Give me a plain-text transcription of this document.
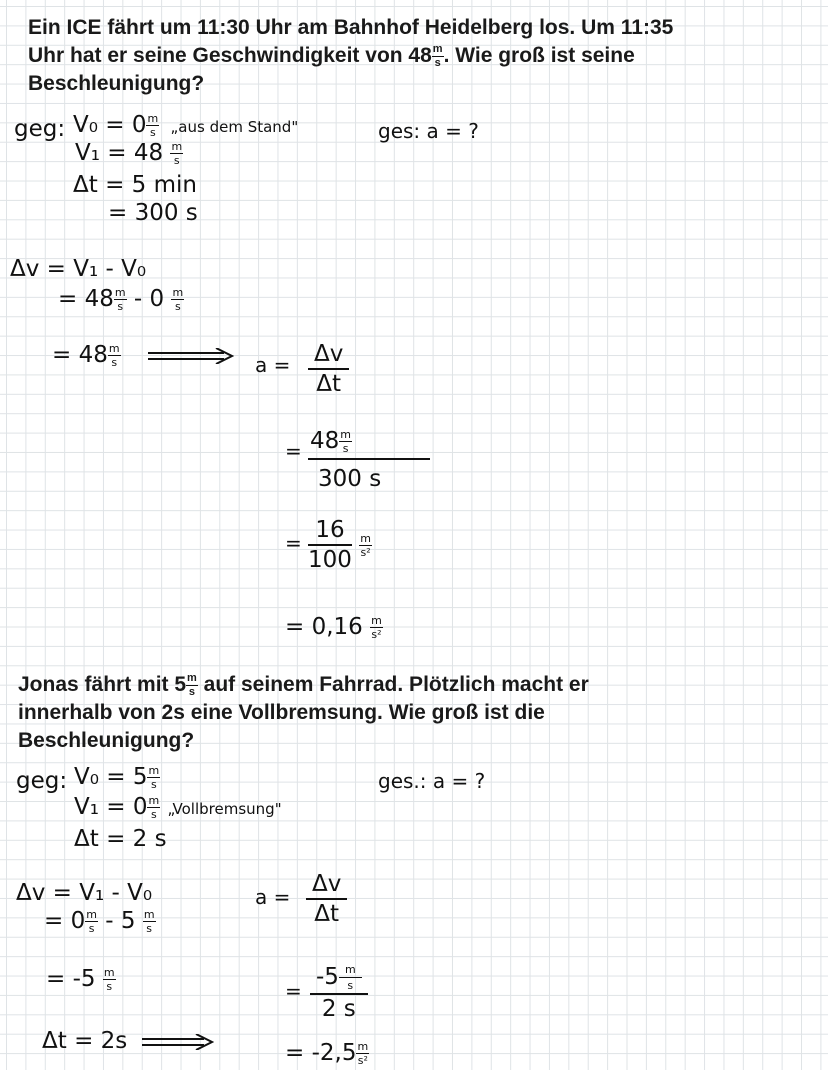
Ein ICE fährt um 11:30 Uhr am Bahnhof Heidelberg los. Um 11:35
Uhr hat er seine Geschwindigkeit von $48 \frac{m}{s}$ . Wie groß ist seine
Beschleunigung?
geg: $V_0 = 0 \frac{m}{s}$ „aus dem Stand"
$V_1 = 48 \frac{m}{s}$
Δt = 5 min
= 300 s
ges: a = ?
Δv = V₁ - V₀
= $48 \frac{m}{s} - 0 \frac{m}{s}$
= $48 \frac{m}{s}$	$a = \frac{\Delta v}{\Delta t}$
= $48 \frac{m}{s}$
300 s
= $\frac{16}{100}$
$\frac{m}{\text{s²}}$
= $0,16 \frac{m}{\text{s²}}$
Jonas fährt mit $5 \frac{m}{s}$ auf seinem Fahrrad. Plötzlich macht er
innerhalb von 2s eine Vollbremsung. Wie groß ist die
Beschleunigung?
geg: $V_0 = 5 \frac{m}{s}$
$V_1 = 0 \frac{m}{s}$ „Vollbremsung"
Δt = 2 s
ges.: a = ?
Δv = V₁ - V₀
= $0 \frac{m}{s} - 5 \frac{m}{s}$
= $-5 \frac{m}{s}$
Δt = 2s
$a = \frac{\Delta v}{\Delta t}$
= $\frac{-5 \frac{m}{s}}{2 s}$
= $-2,5 \frac{m}{\text{s²}}$
